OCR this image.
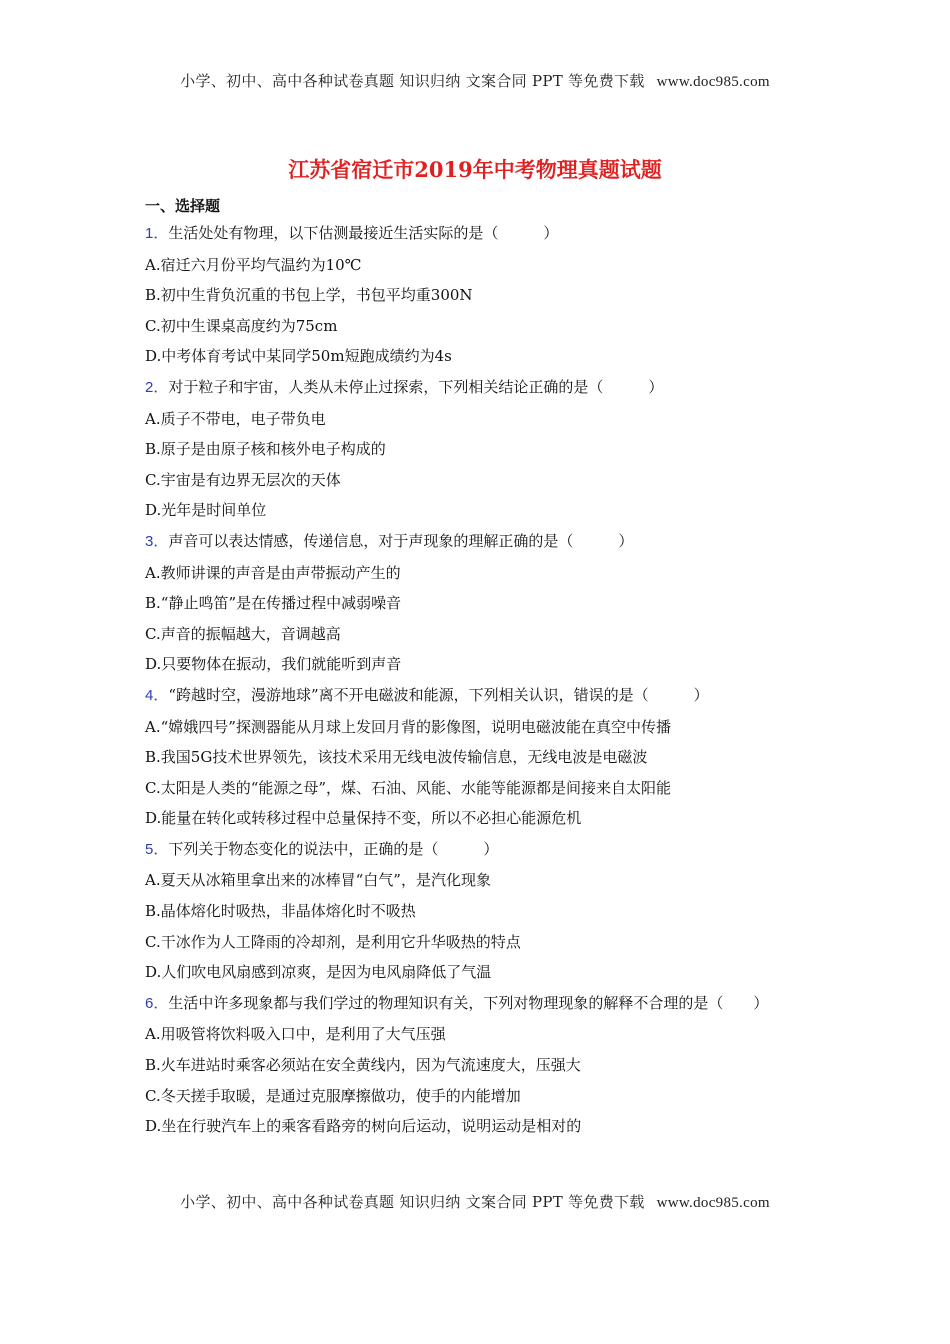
小学、初中、高中各种试卷真题 知识归纳 文案合同 PPT 等免费下载 www.doc985.com
江苏省宿迁市2019年中考物理真题试题
一、选择题
1．生活处处有物理，以下估测最接近生活实际的是（　　　）
A.宿迁六月份平均气温约为10℃
B.初中生背负沉重的书包上学，书包平均重300N
C.初中生课桌高度约为75cm
D.中考体育考试中某同学50m短跑成绩约为4s
2．对于粒子和宇宙，人类从未停止过探索，下列相关结论正确的是（　　　）
A.质子不带电，电子带负电
B.原子是由原子核和核外电子构成的
C.宇宙是有边界无层次的天体
D.光年是时间单位
3．声音可以表达情感，传递信息，对于声现象的理解正确的是（　　　）
A.教师讲课的声音是由声带振动产生的
B.“静止鸣笛”是在传播过程中减弱噪音
C.声音的振幅越大，音调越高
D.只要物体在振动，我们就能听到声音
4．“跨越时空，漫游地球”离不开电磁波和能源，下列相关认识，错误的是（　　　）
A.“嫦娥四号”探测器能从月球上发回月背的影像图，说明电磁波能在真空中传播
B.我国5G技术世界领先，该技术采用无线电波传输信息，无线电波是电磁波
C.太阳是人类的“能源之母”，煤、石油、风能、水能等能源都是间接来自太阳能
D.能量在转化或转移过程中总量保持不变，所以不必担心能源危机
5．下列关于物态变化的说法中，正确的是（　　　）
A.夏天从冰箱里拿出来的冰棒冒“白气”，是汽化现象
B.晶体熔化时吸热，非晶体熔化时不吸热
C.干冰作为人工降雨的冷却剂，是利用它升华吸热的特点
D.人们吹电风扇感到凉爽，是因为电风扇降低了气温
6．生活中许多现象都与我们学过的物理知识有关，下列对物理现象的解释不合理的是（　　）
A.用吸管将饮料吸入口中，是利用了大气压强
B.火车进站时乘客必须站在安全黄线内，因为气流速度大，压强大
C.冬天搓手取暖，是通过克服摩擦做功，使手的内能增加
D.坐在行驶汽车上的乘客看路旁的树向后运动，说明运动是相对的
小学、初中、高中各种试卷真题 知识归纳 文案合同 PPT 等免费下载 www.doc985.com
